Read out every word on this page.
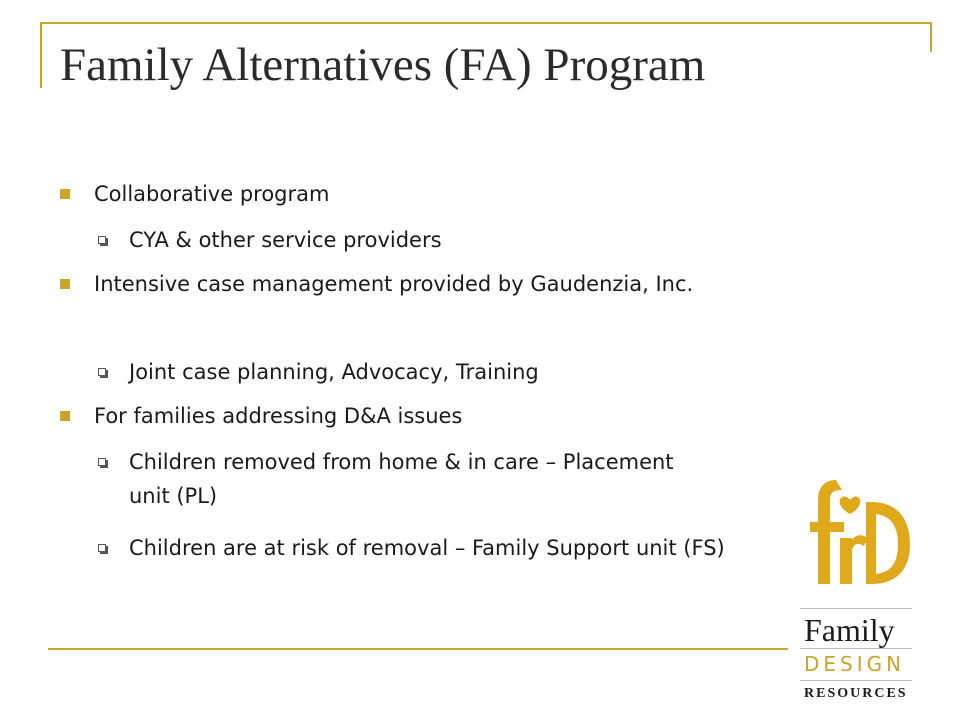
Family Alternatives (FA) Program
Collaborative program
CYA & other service providers
Intensive case management provided by Gaudenzia, Inc.
Joint case planning, Advocacy, Training
For families addressing D&A issues
Children removed from home & in care – Placement unit (PL)
Children are at risk of removal – Family Support unit (FS)
Family
DESIGN
RESOURCES
